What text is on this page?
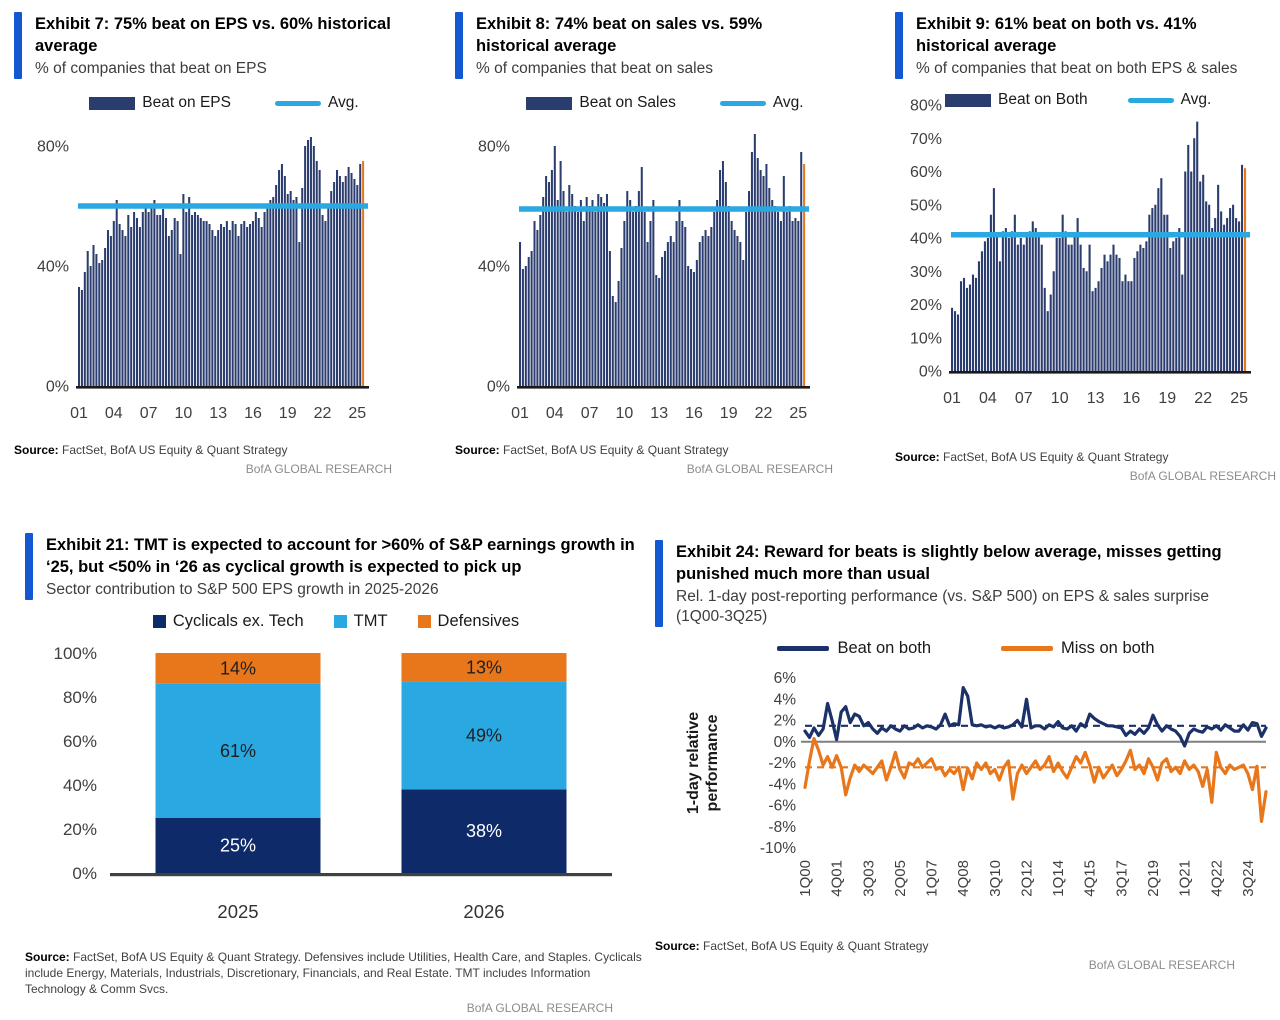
Exhibit 7: 75% beat on EPS vs. 60% historical average

% of companies that beat on EPS

Beat on EPS	Avg.
0%
40%
80%
01 04 07 10 13 16 19 22 25

Source: FactSet, BofA US Equity & Quant Strategy

BofA GLOBAL RESEARCH

Exhibit 8: 74% beat on sales vs. 59% historical average

% of companies that beat on sales

Beat on Sales	Avg.
0%
40%
80%
01 04 07 10 13 16 19 22 25

Source: FactSet, BofA US Equity & Quant Strategy

BofA GLOBAL RESEARCH

Exhibit 9: 61% beat on both vs. 41% historical average

% of companies that beat on both EPS & sales

Beat on Both	Avg.
0%
10%
20%
30%
40%
50%
60%
70%
80%
01 04 07 10 13 16 19 22 25

Source: FactSet, BofA US Equity & Quant Strategy

BofA GLOBAL RESEARCH

Exhibit 21: TMT is expected to account for >60% of S&P earnings growth in ‘25, but <50% in ‘26 as cyclical growth is expected to pick up

Sector contribution to S&P 500 EPS growth in 2025-2026

Cyclicals ex. Tech	TMT	Defensives
0%
20%
40%
60%
80%
100%
25%
61%
14%
2025
38%
49%
13%
2026

Source: FactSet, BofA US Equity & Quant Strategy. Defensives include Utilities, Health Care, and Staples. Cyclicals include Energy, Materials, Industrials, Discretionary, Financials, and Real Estate. TMT includes Information Technology & Comm Svcs.

BofA GLOBAL RESEARCH

Exhibit 24: Reward for beats is slightly below average, misses getting punished much more than usual

Rel. 1-day post-reporting performance (vs. S&P 500) on EPS & sales surprise (1Q00-3Q25)

Beat on both	Miss on both
6%
4%
2%
0%
-2%
-4%
-6%
-8%
-10%
1-day relative performance
1Q00 4Q01 3Q03 2Q05 1Q07 4Q08 3Q10 2Q12 1Q14 4Q15 3Q17 2Q19 1Q21 4Q22 3Q24

Source: FactSet, BofA US Equity & Quant Strategy

BofA GLOBAL RESEARCH
